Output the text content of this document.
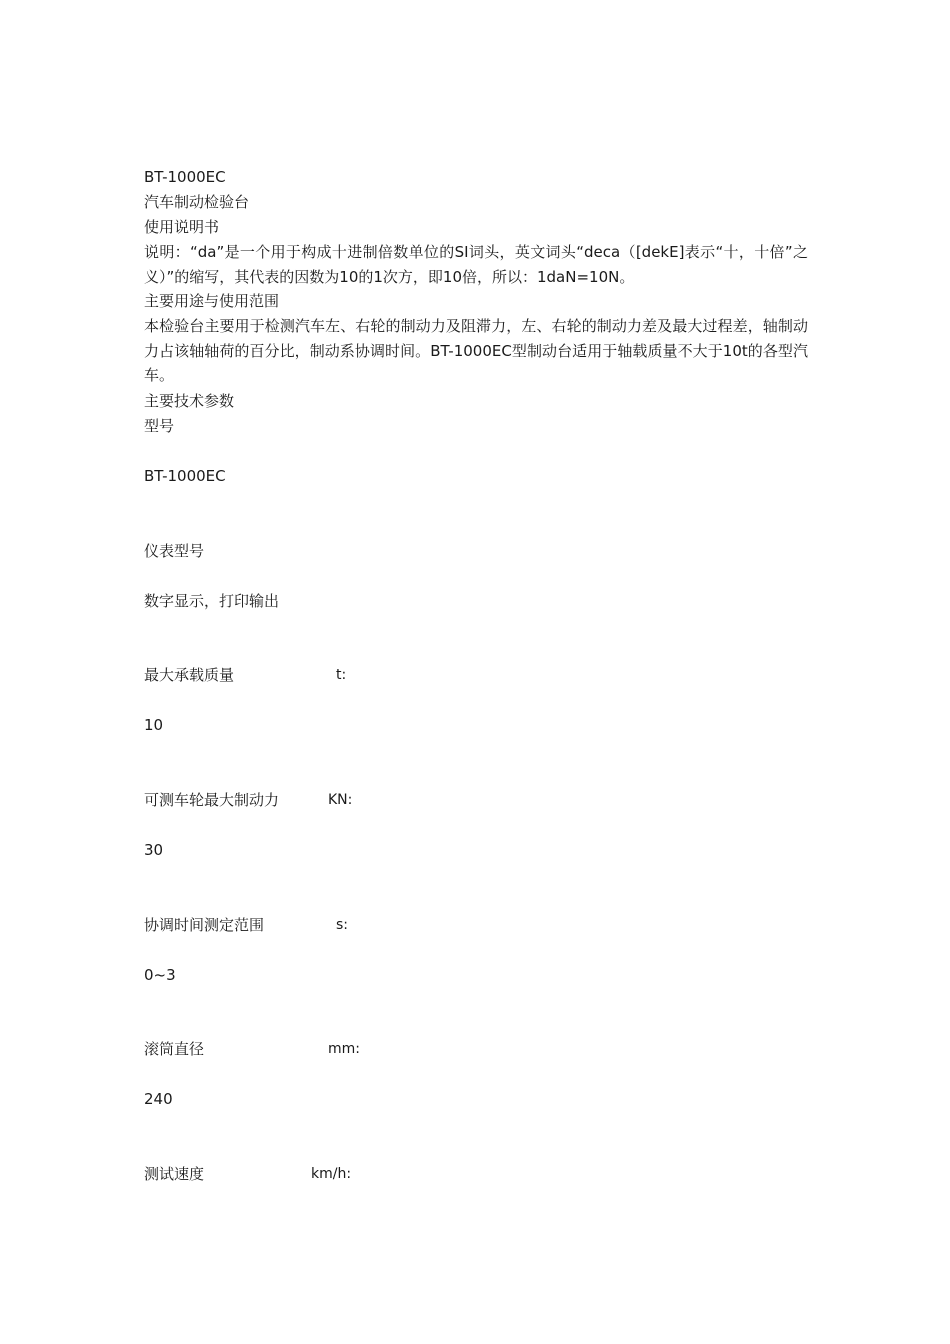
BT-1000EC
汽车制动检验台
使用说明书
说明：“da”是一个用于构成十进制倍数单位的SI词头，英文词头“deca（[dekE]表示“十，十倍”之义）”的缩写，其代表的因数为10的1次方，即10倍，所以：1daN=10N。
主要用途与使用范围
本检验台主要用于检测汽车左、右轮的制动力及阻滞力，左、右轮的制动力差及最大过程差，轴制动力占该轴轴荷的百分比，制动系协调时间。BT-1000EC型制动台适用于轴载质量不大于10t的各型汽车。
主要技术参数
型号
BT-1000EC
仪表型号
数字显示，打印输出
最大承载质量	t:
10
可测车轮最大制动力	KN:
30
协调时间测定范围	s:
0~3
滚筒直径	mm:
240
测试速度	km/h:
